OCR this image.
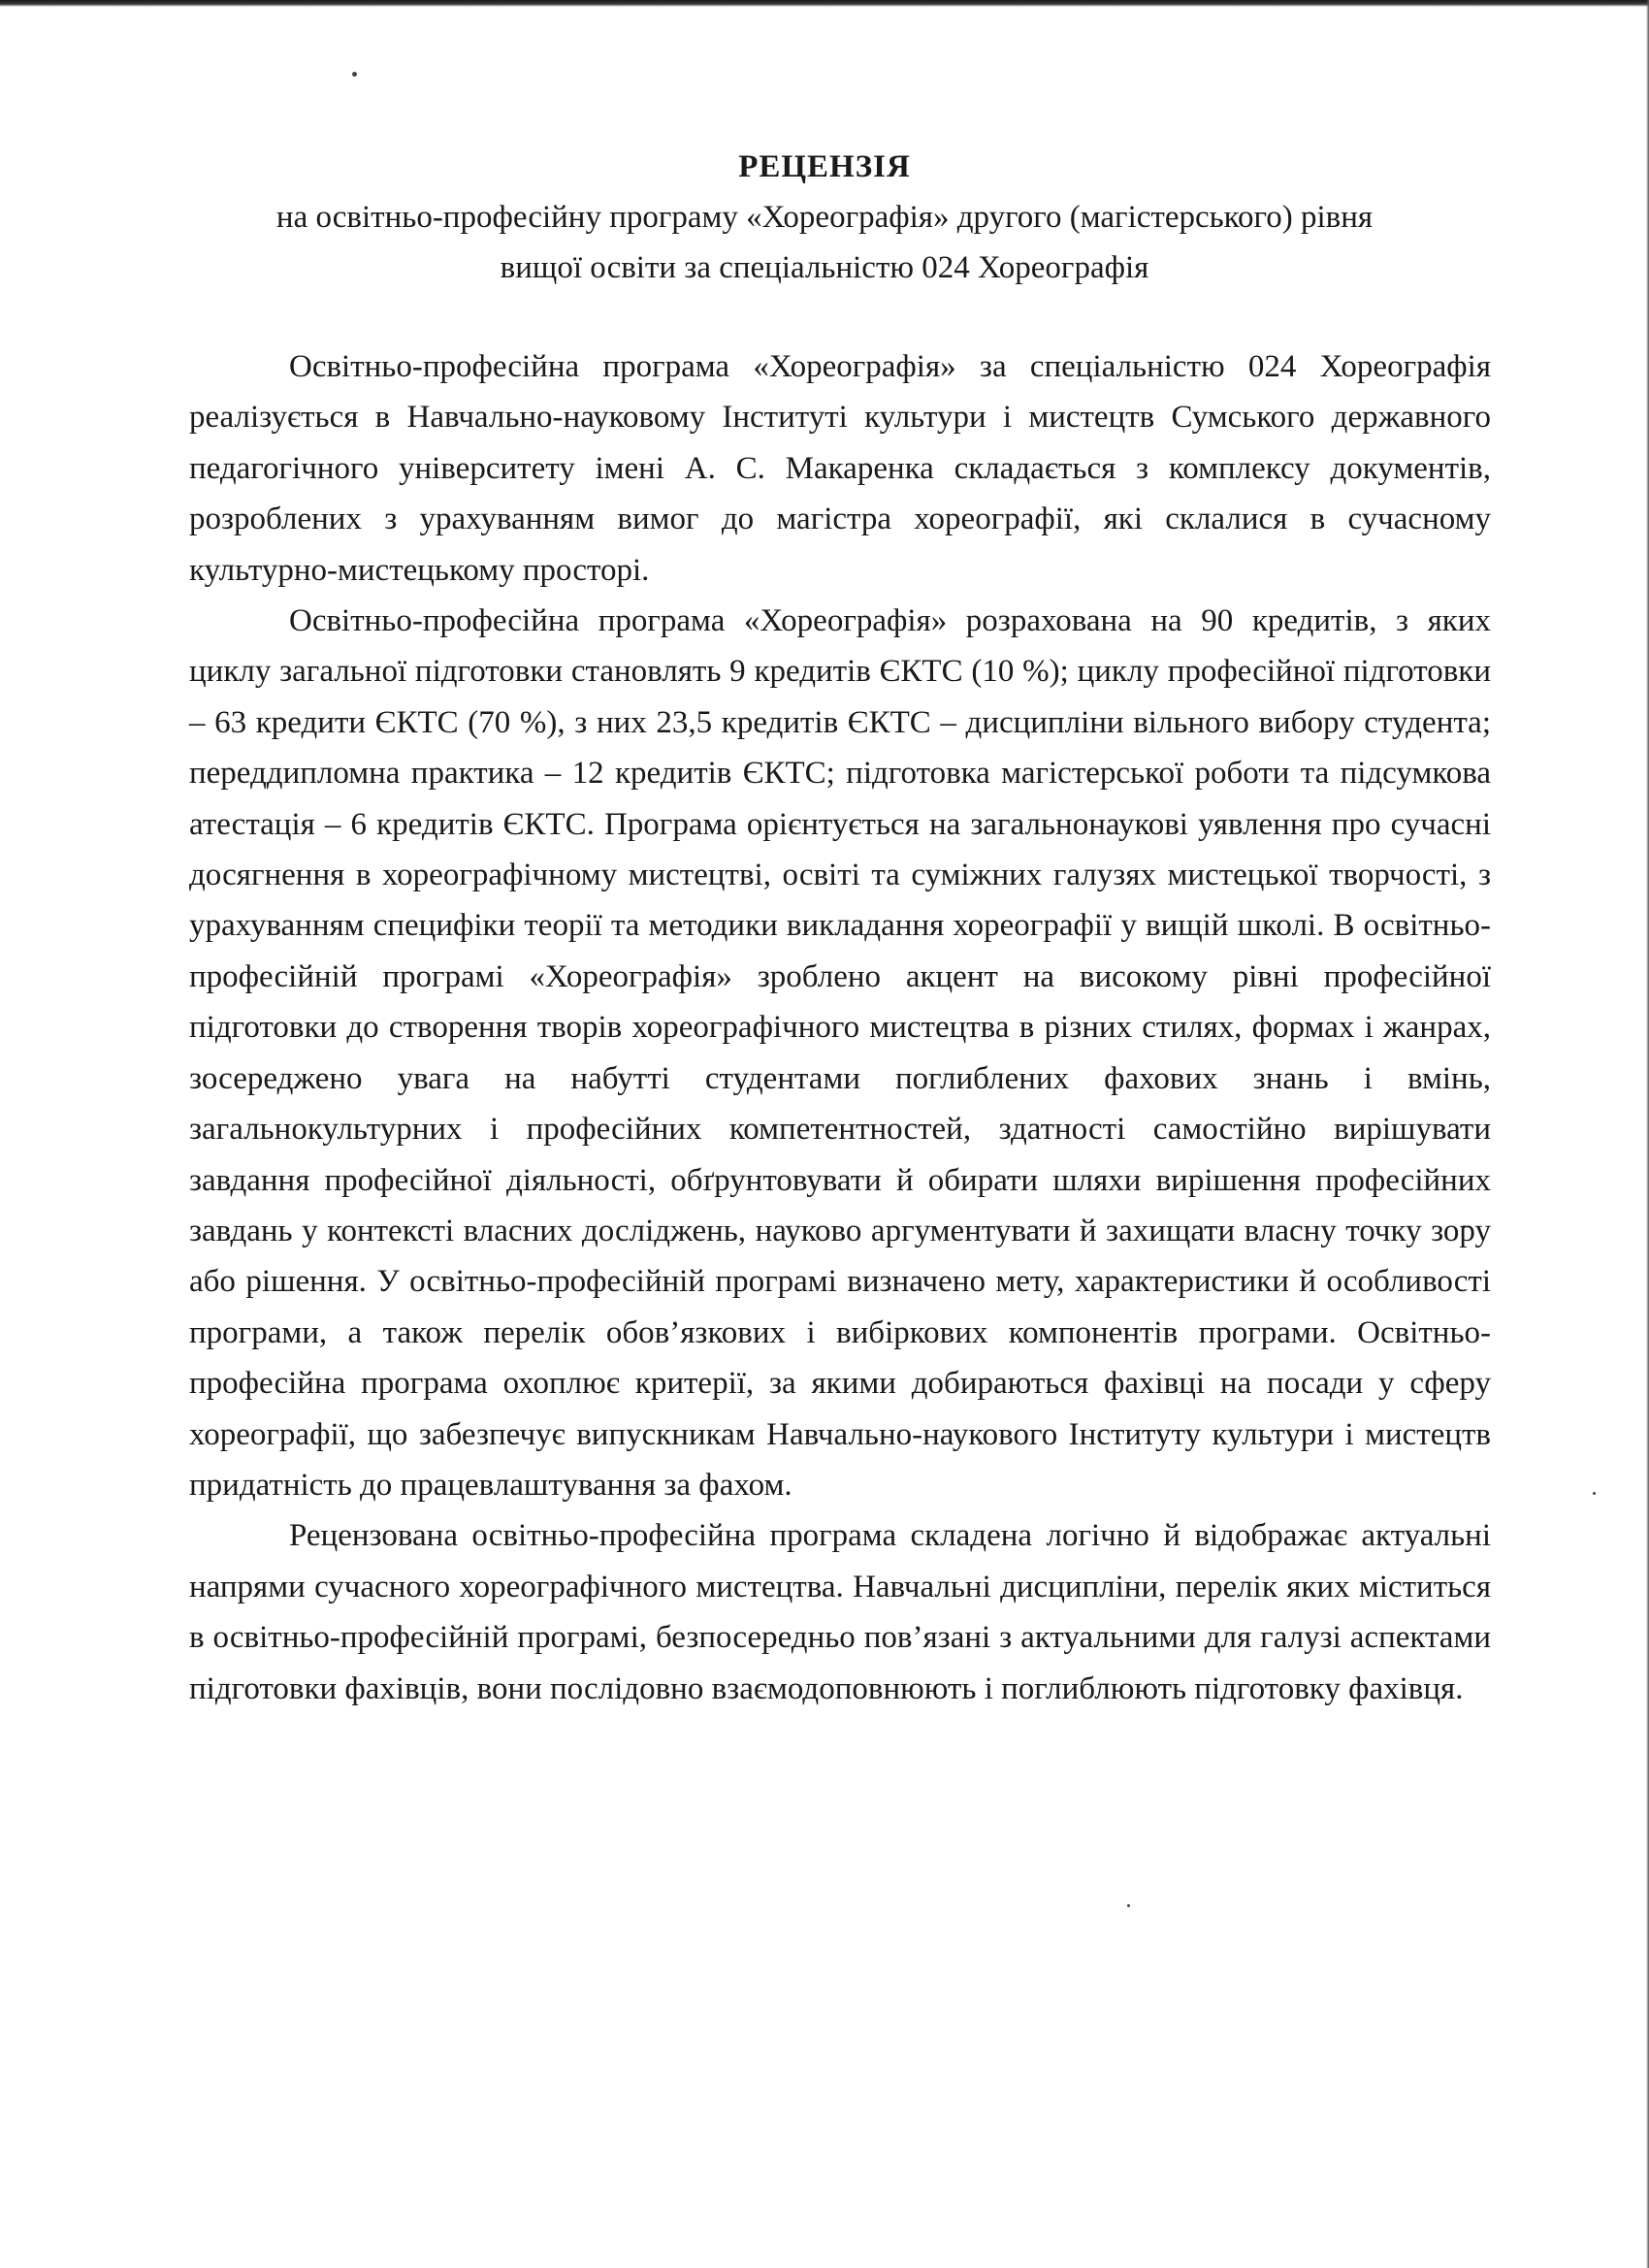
РЕЦЕНЗІЯ
на освітньо-професійну програму «Хореографія» другого (магістерського) рівня
вищої освіти за спеціальністю 024 Хореографія

Освітньо-професійна програма «Хореографія» за спеціальністю 024 Хореографія реалізується в Навчально-науковому Інституті культури і мистецтв Сумського державного педагогічного університету імені А. С. Макаренка складається з комплексу документів, розроблених з урахуванням вимог до магістра хореографії, які склалися в сучасному культурно-мистецькому просторі.

Освітньо-професійна програма «Хореографія» розрахована на 90 кредитів, з яких циклу загальної підготовки становлять 9 кредитів ЄКТС (10 %); циклу професійної підготовки – 63 кредити ЄКТС (70 %), з них 23,5 кредитів ЄКТС – дисципліни вільного вибору студента; переддипломна практика – 12 кредитів ЄКТС; підготовка магістерської роботи та підсумкова атестація – 6 кредитів ЄКТС. Програма орієнтується на загальнонаукові уявлення про сучасні досягнення в хореографічному мистецтві, освіті та суміжних галузях мистецької творчості, з урахуванням специфіки теорії та методики викладання хореографії у вищій школі. В освітньо-професійній програмі «Хореографія» зроблено акцент на високому рівні професійної підготовки до створення творів хореографічного мистецтва в різних стилях, формах і жанрах, зосереджено увага на набутті студентами поглиблених фахових знань і вмінь, загальнокультурних і професійних компетентностей, здатності самостійно вирішувати завдання професійної діяльності, обґрунтовувати й обирати шляхи вирішення професійних завдань у контексті власних досліджень, науково аргументувати й захищати власну точку зору або рішення. У освітньо-професійній програмі визначено мету, характеристики й особливості програми, а також перелік обов’язкових і вибіркових компонентів програми. Освітньо-професійна програма охоплює критерії, за якими добираються фахівці на посади у сферу хореографії, що забезпечує випускникам Навчально-наукового Інституту культури і мистецтв придатність до працевлаштування за фахом.

Рецензована освітньо-професійна програма складена логічно й відображає актуальні напрями сучасного хореографічного мистецтва. Навчальні дисципліни, перелік яких міститься в освітньо-професійній програмі, безпосередньо пов’язані з актуальними для галузі аспектами підготовки фахівців, вони послідовно взаємодоповнюють і поглиблюють підготовку фахівця.
